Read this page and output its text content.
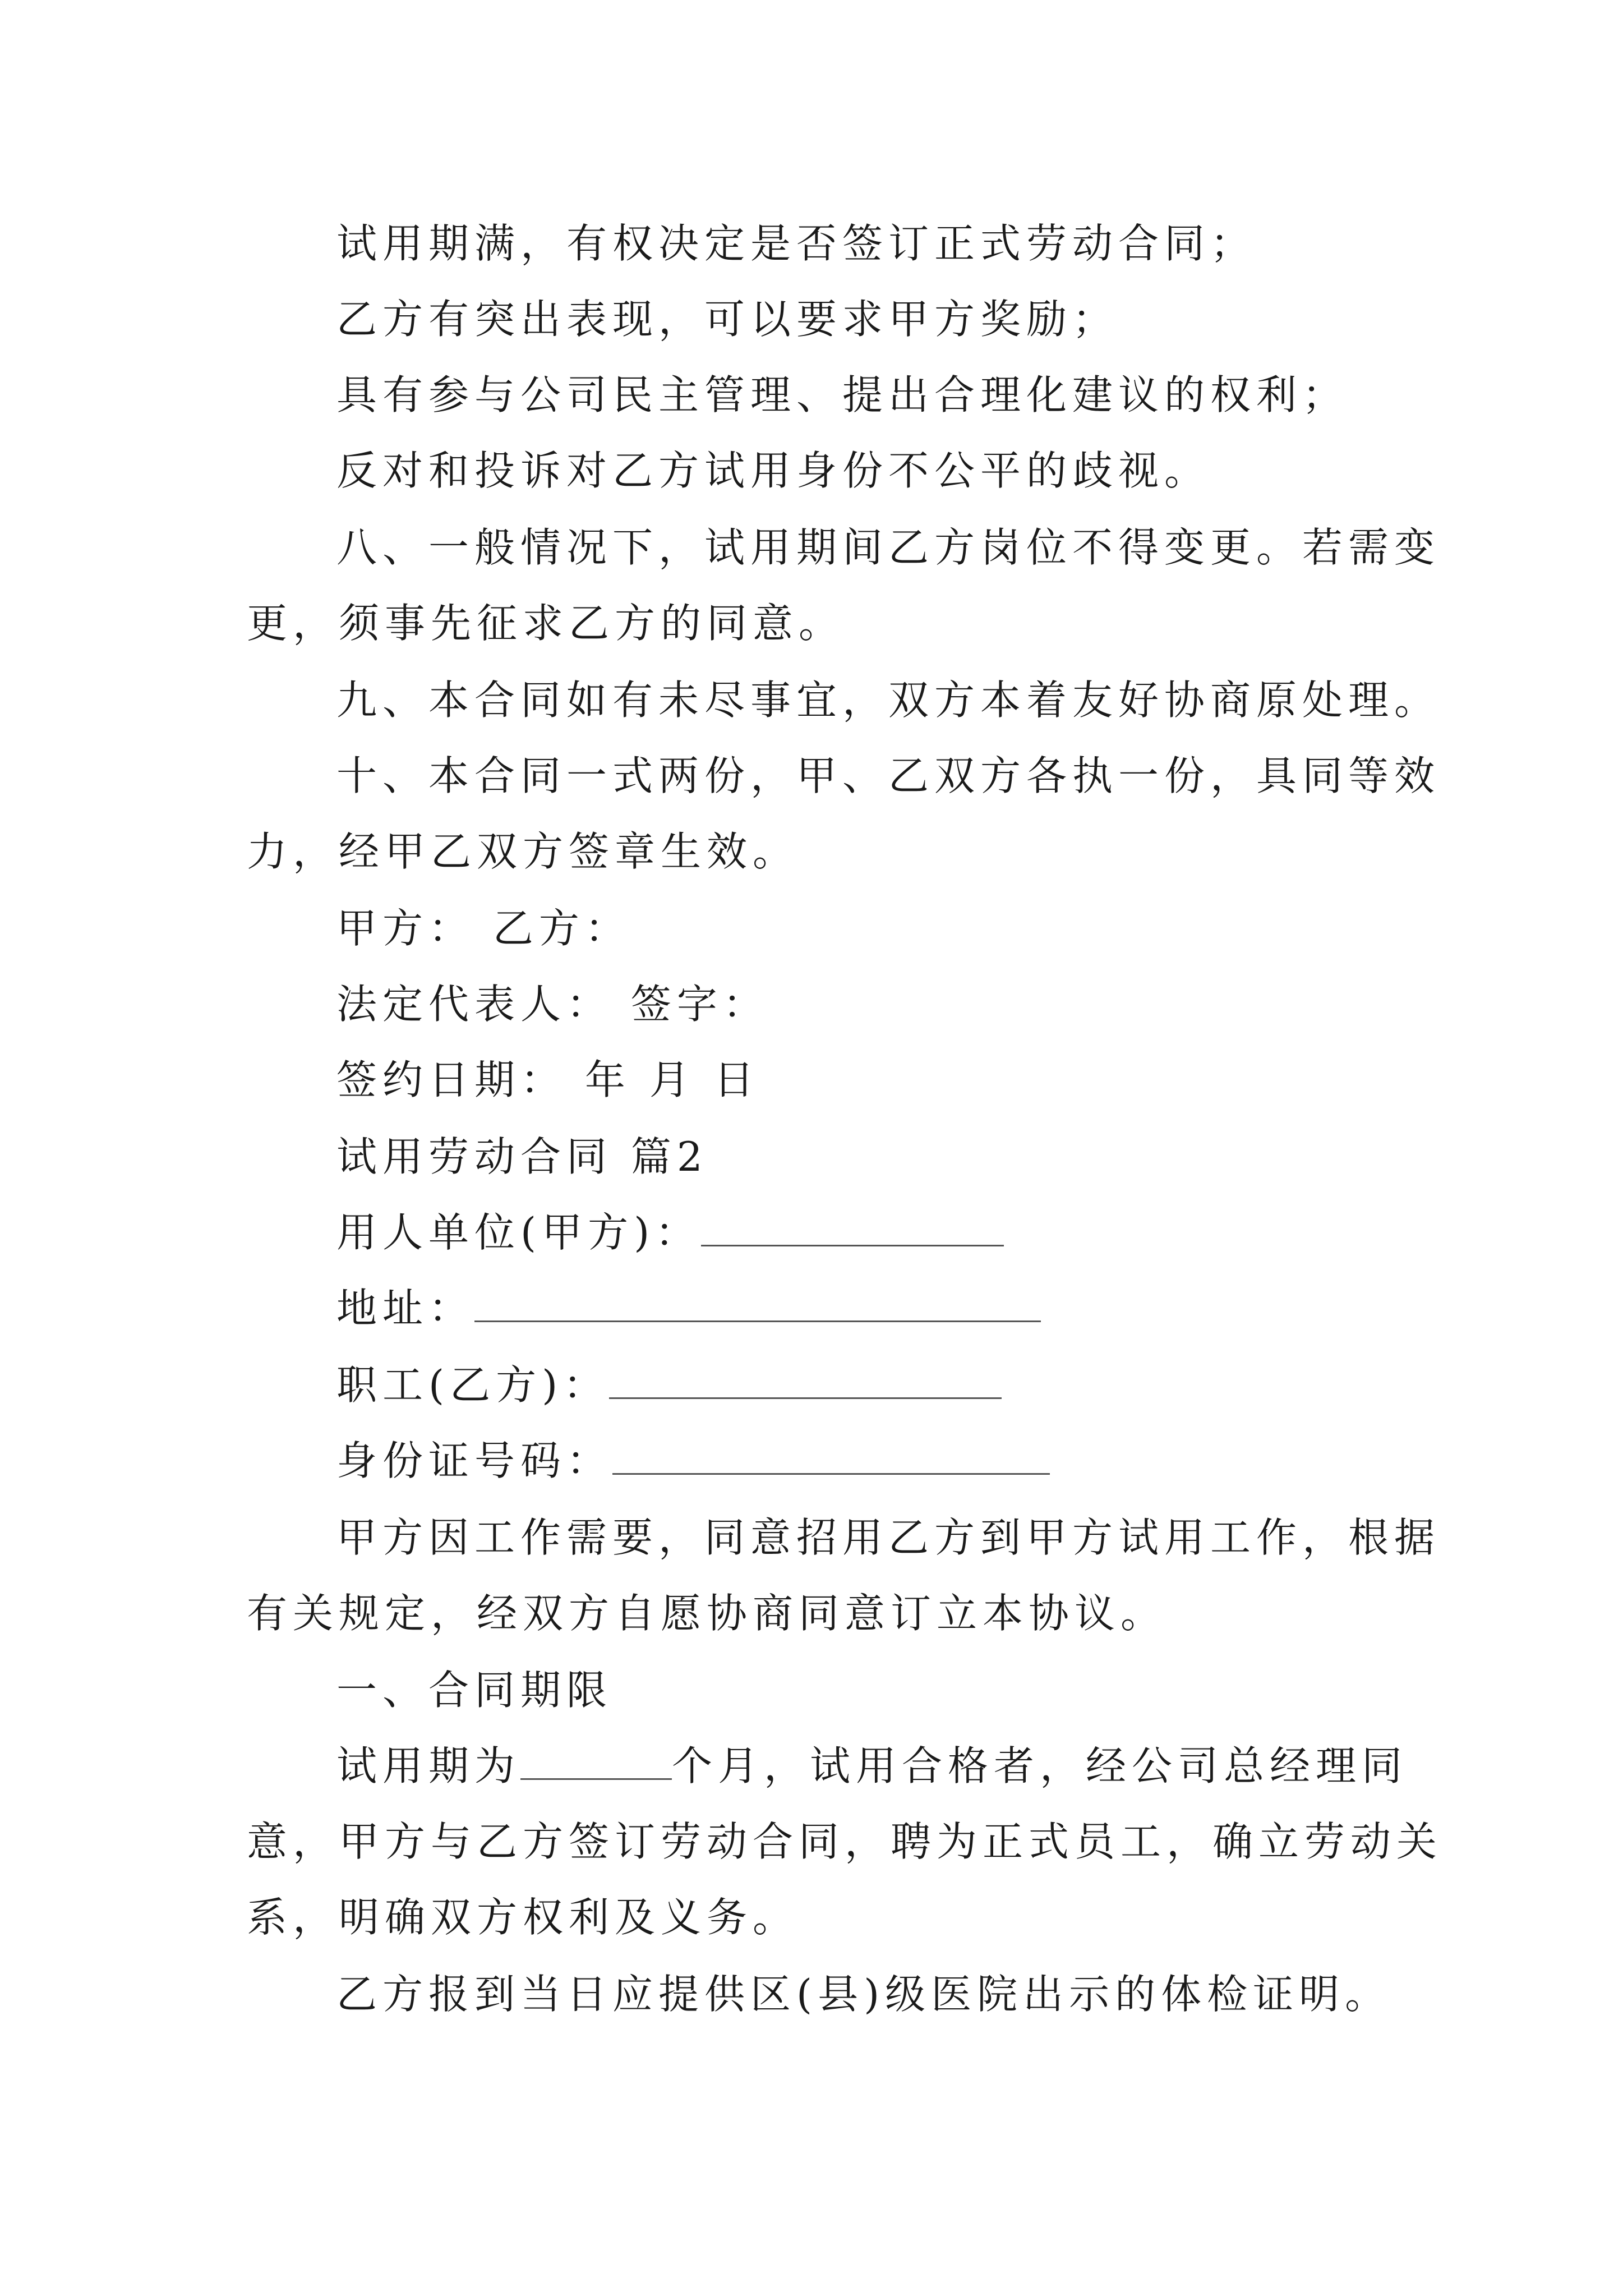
试用期满，有权决定是否签订正式劳动合同；

乙方有突出表现，可以要求甲方奖励；

具有参与公司民主管理、提出合理化建议的权利；

反对和投诉对乙方试用身份不公平的歧视。

八、一般情况下，试用期间乙方岗位不得变更。若需变

更，须事先征求乙方的同意。

九、本合同如有未尽事宜，双方本着友好协商原处理。

十、本合同一式两份，甲、乙双方各执一份，具同等效

力，经甲乙双方签章生效。

甲方： 乙方：

法定代表人： 签字：

签约日期： 年 月 日

试用劳动合同 篇2

用人单位(甲方)：

地址：

职工(乙方)：

身份证号码：

甲方因工作需要，同意招用乙方到甲方试用工作，根据

有关规定，经双方自愿协商同意订立本协议。

一、合同期限

试用期为	个月，试用合格者，经公司总经理同

意，甲方与乙方签订劳动合同，聘为正式员工，确立劳动关

系，明确双方权利及义务。

乙方报到当日应提供区(县)级医院出示的体检证明。
